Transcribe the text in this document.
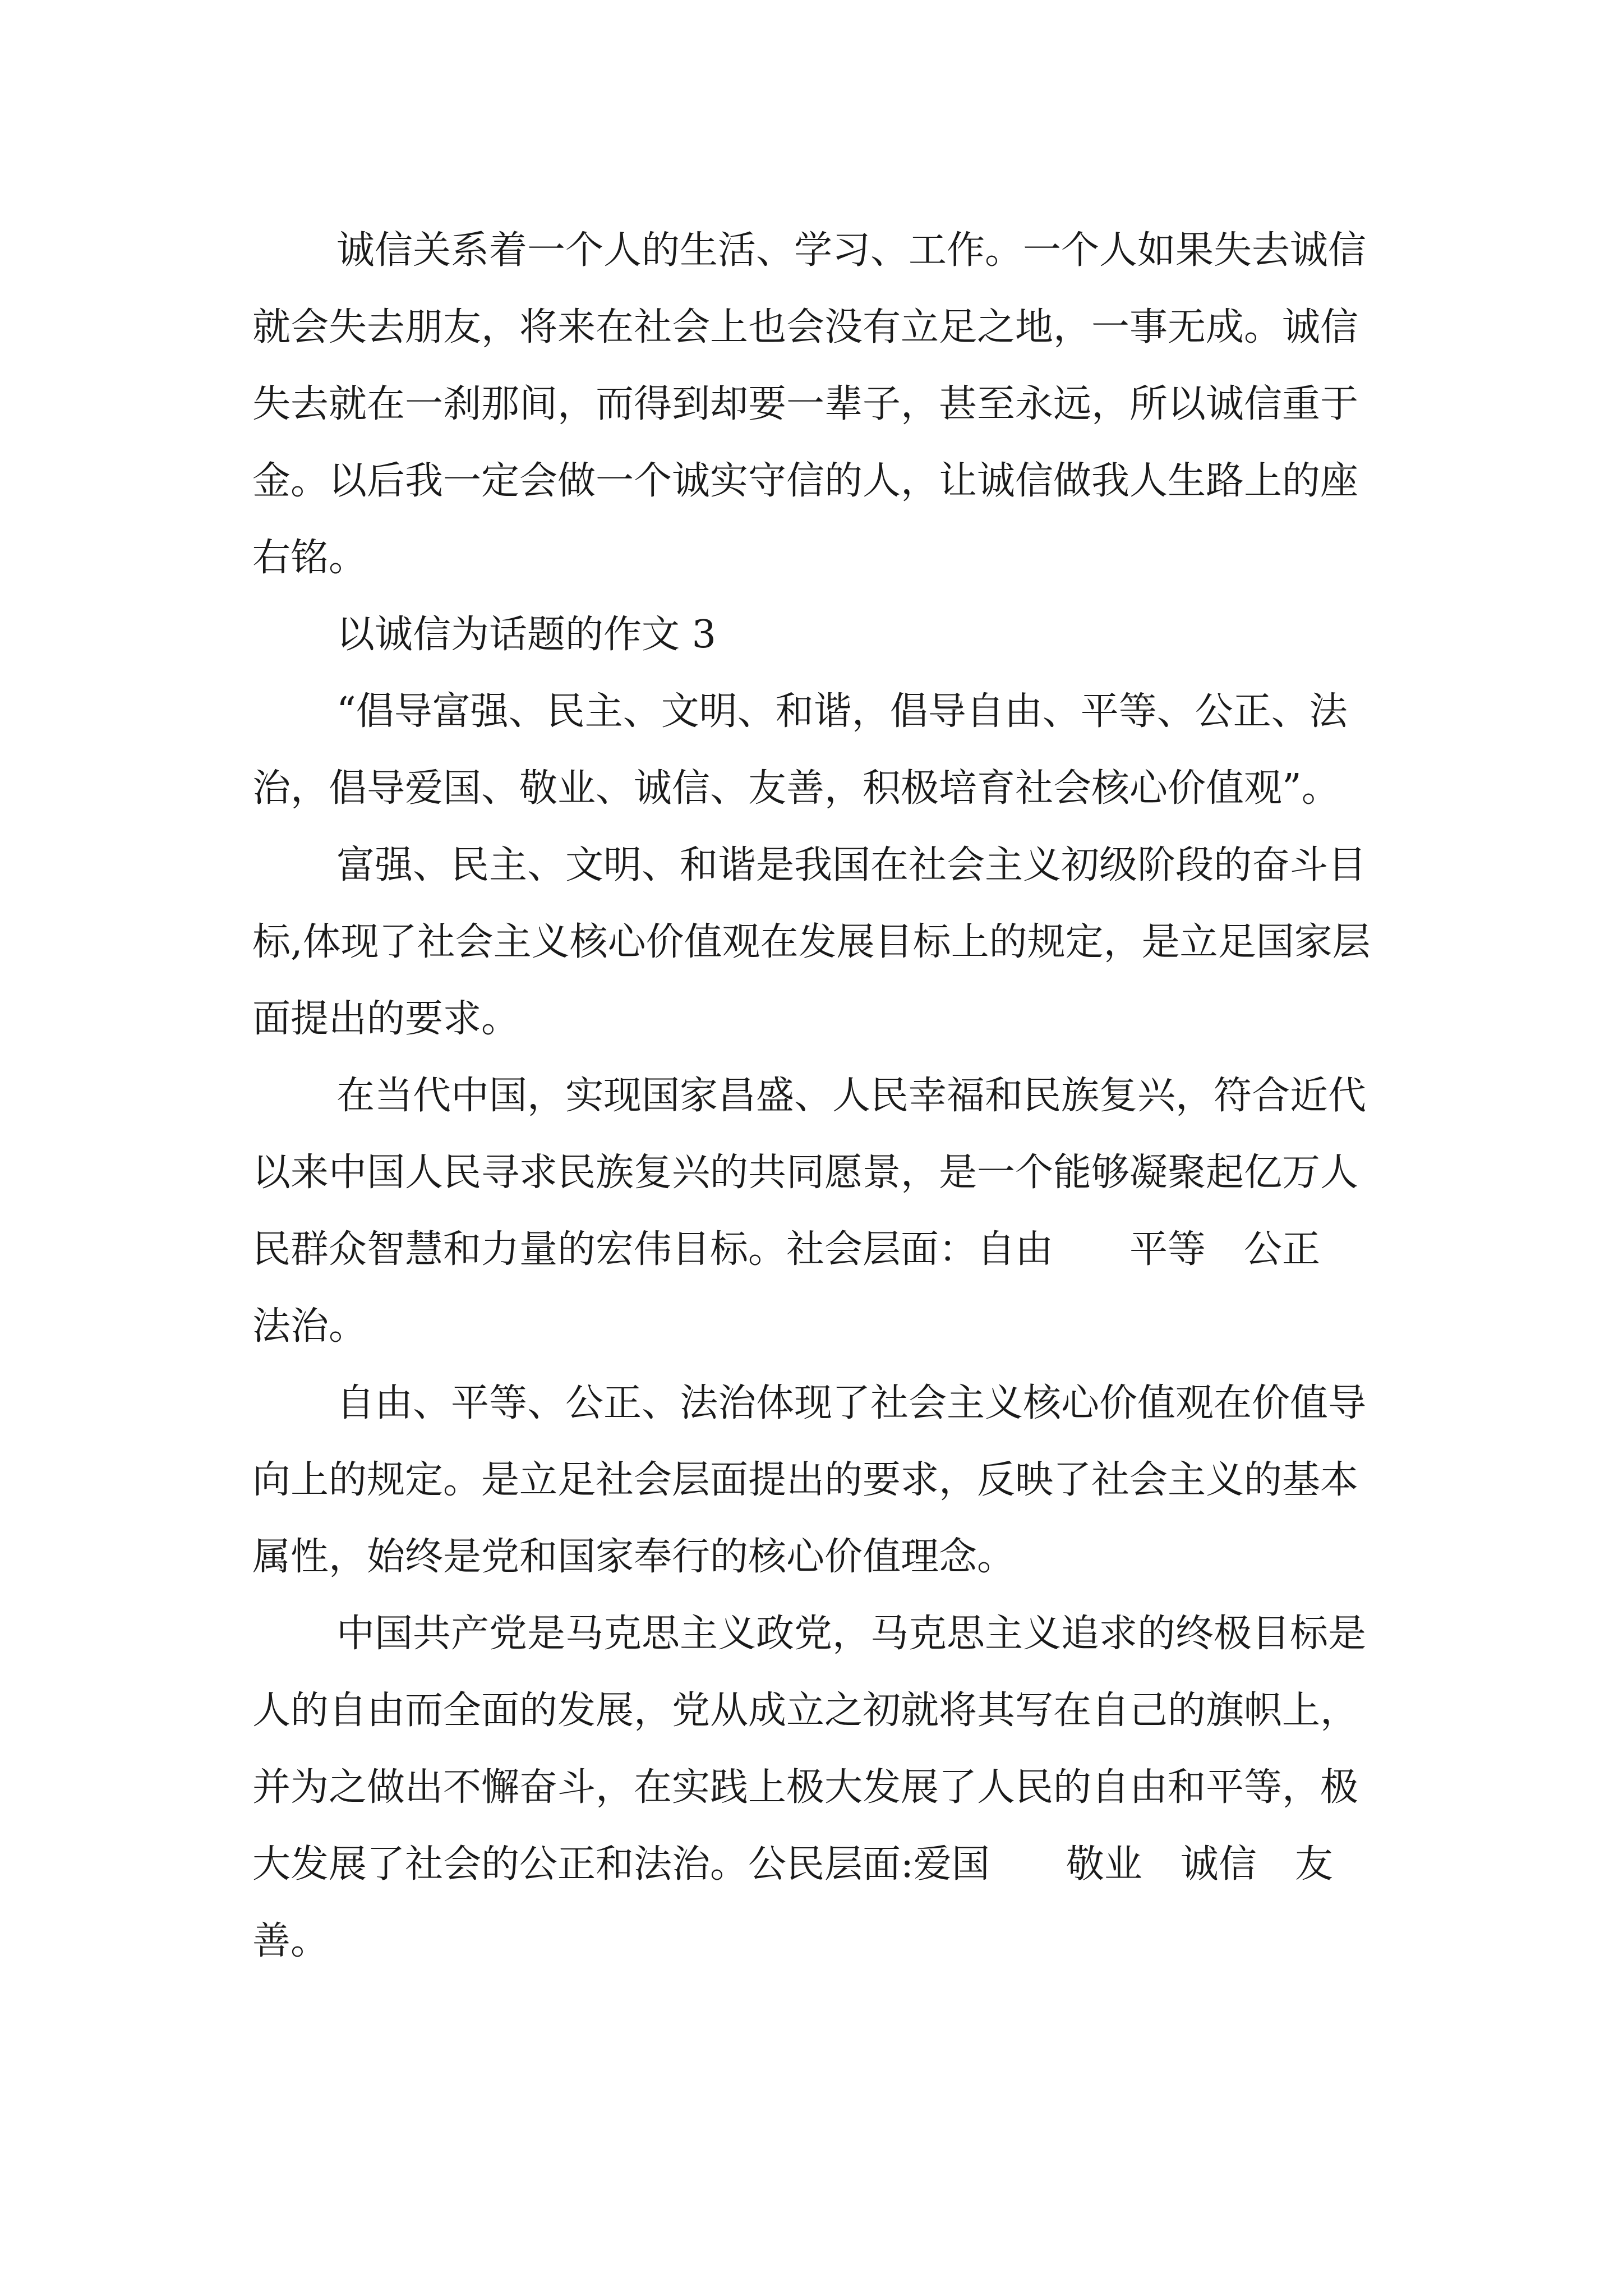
诚信关系着一个人的生活、学习、工作。一个人如果失去诚信就会失去朋友，将来在社会上也会没有立足之地，一事无成。诚信失去就在一刹那间，而得到却要一辈子，甚至永远，所以诚信重于金。以后我一定会做一个诚实守信的人，让诚信做我人生路上的座右铭。

以诚信为话题的作文 3

“倡导富强、民主、文明、和谐，倡导自由、平等、公正、法治，倡导爱国、敬业、诚信、友善，积极培育社会核心价值观”。

富强、民主、文明、和谐是我国在社会主义初级阶段的奋斗目标,体现了社会主义核心价值观在发展目标上的规定，是立足国家层面提出的要求。

在当代中国，实现国家昌盛、人民幸福和民族复兴，符合近代以来中国人民寻求民族复兴的共同愿景，是一个能够凝聚起亿万人民群众智慧和力量的宏伟目标。社会层面：自由　　平等　公正　法治。

自由、平等、公正、法治体现了社会主义核心价值观在价值导向上的规定。是立足社会层面提出的要求，反映了社会主义的基本属性，始终是党和国家奉行的核心价值理念。

中国共产党是马克思主义政党，马克思主义追求的终极目标是人的自由而全面的发展，党从成立之初就将其写在自己的旗帜上，并为之做出不懈奋斗，在实践上极大发展了人民的自由和平等，极大发展了社会的公正和法治。公民层面:爱国　　敬业　诚信　友善。
